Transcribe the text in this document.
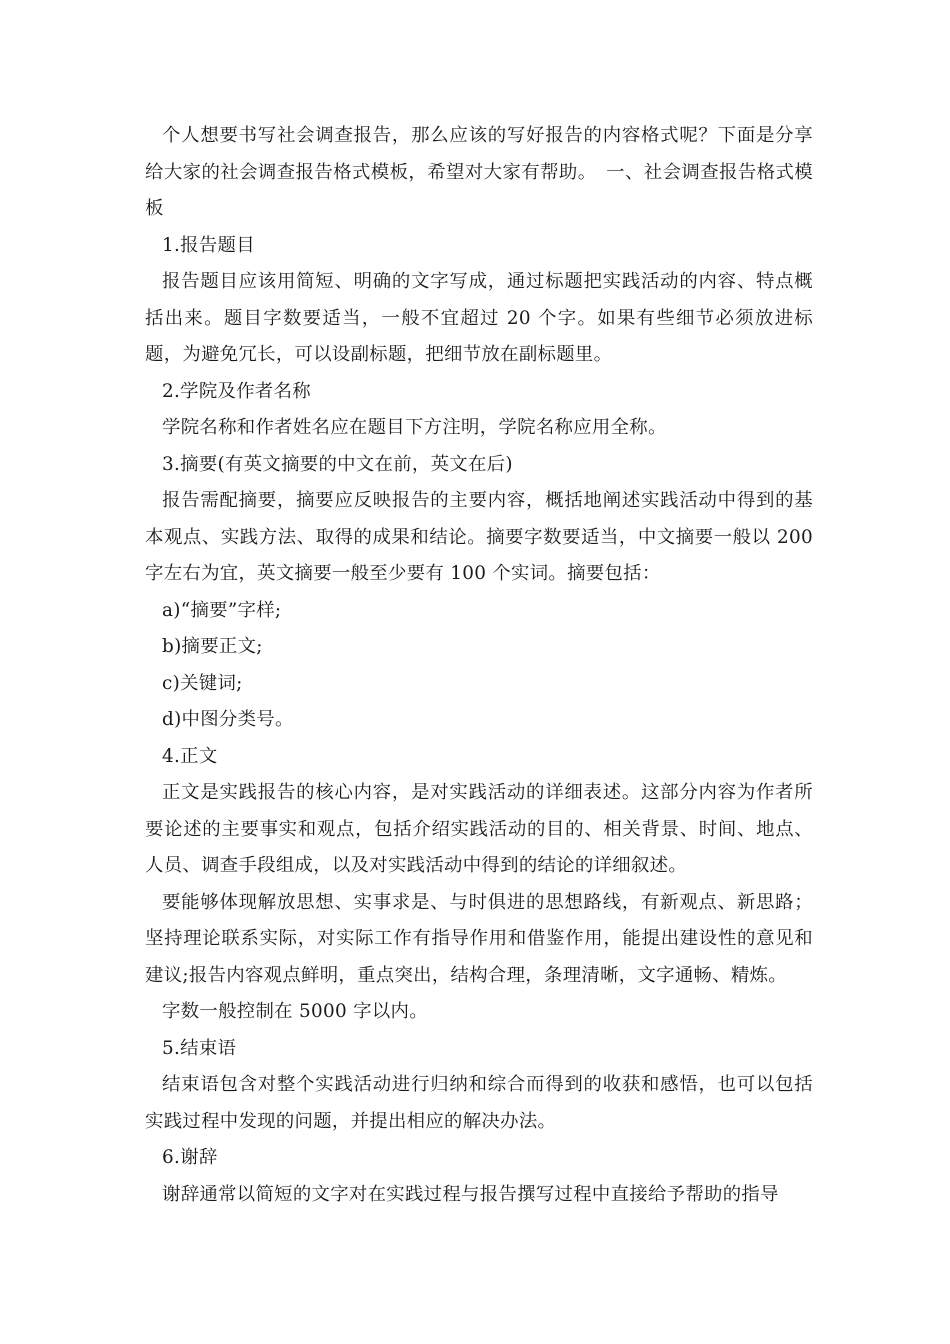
个人想要书写社会调查报告，那么应该的写好报告的内容格式呢？下面是分享给大家的社会调查报告格式模板，希望对大家有帮助。　一、社会调查报告格式模板

1.报告题目

报告题目应该用简短、明确的文字写成，通过标题把实践活动的内容、特点概括出来。题目字数要适当，一般不宜超过 20 个字。如果有些细节必须放进标题，为避免冗长，可以设副标题，把细节放在副标题里。

2.学院及作者名称

学院名称和作者姓名应在题目下方注明，学院名称应用全称。

3.摘要(有英文摘要的中文在前，英文在后)

报告需配摘要，摘要应反映报告的主要内容，概括地阐述实践活动中得到的基本观点、实践方法、取得的成果和结论。摘要字数要适当，中文摘要一般以 200 字左右为宜，英文摘要一般至少要有 100 个实词。摘要包括：

a)“摘要”字样;

b)摘要正文;

c)关键词;

d)中图分类号。

4.正文

正文是实践报告的核心内容，是对实践活动的详细表述。这部分内容为作者所要论述的主要事实和观点，包括介绍实践活动的目的、相关背景、时间、地点、人员、调查手段组成，以及对实践活动中得到的结论的详细叙述。

要能够体现解放思想、实事求是、与时俱进的思想路线，有新观点、新思路；坚持理论联系实际，对实际工作有指导作用和借鉴作用，能提出建设性的意见和建议;报告内容观点鲜明，重点突出，结构合理，条理清晰，文字通畅、精炼。

字数一般控制在 5000 字以内。

5.结束语

结束语包含对整个实践活动进行归纳和综合而得到的收获和感悟，也可以包括实践过程中发现的问题，并提出相应的解决办法。

6.谢辞

谢辞通常以简短的文字对在实践过程与报告撰写过程中直接给予帮助的指导
